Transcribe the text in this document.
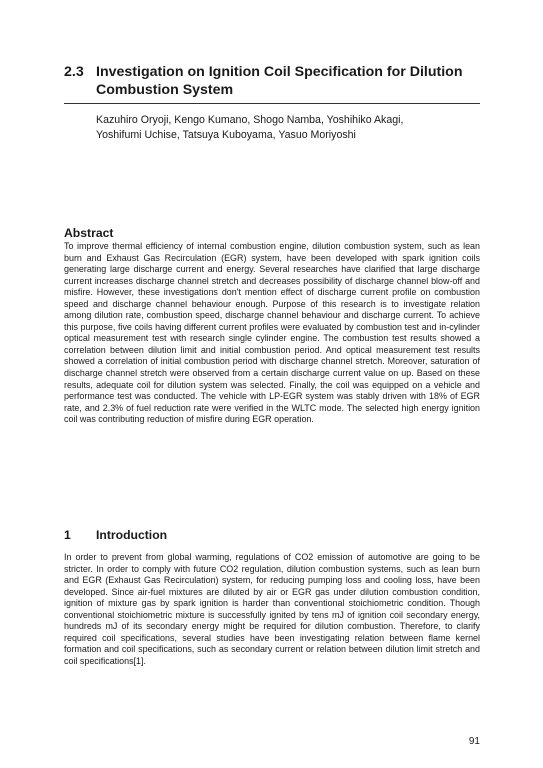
2.3 Investigation on Ignition Coil Specification for Dilution Combustion System
Kazuhiro Oryoji, Kengo Kumano, Shogo Namba, Yoshihiko Akagi,
Yoshifumi Uchise, Tatsuya Kuboyama, Yasuo Moriyoshi
Abstract
To improve thermal efficiency of internal combustion engine, dilution combustion system, such as lean burn and Exhaust Gas Recirculation (EGR) system, have been developed with spark ignition coils generating large discharge current and energy. Several researches have clarified that large discharge current increases discharge channel stretch and decreases possibility of discharge channel blow-off and misfire. However, these investigations don't mention effect of discharge current profile on combustion speed and discharge channel behaviour enough. Purpose of this research is to investigate relation among dilution rate, combustion speed, discharge channel behaviour and discharge current. To achieve this purpose, five coils having different current profiles were evaluated by combustion test and in-cylinder optical measurement test with research single cylinder engine. The combustion test results showed a correlation between dilution limit and initial combustion period. And optical measurement test results showed a correlation of initial combustion period with discharge channel stretch. Moreover, saturation of discharge channel stretch were observed from a certain discharge current value on up. Based on these results, adequate coil for dilution system was selected. Finally, the coil was equipped on a vehicle and performance test was conducted. The vehicle with LP-EGR system was stably driven with 18% of EGR rate, and 2.3% of fuel reduction rate were verified in the WLTC mode. The selected high energy ignition coil was contributing reduction of misfire during EGR operation.
1 Introduction
In order to prevent from global warming, regulations of CO2 emission of automotive are going to be stricter. In order to comply with future CO2 regulation, dilution combustion systems, such as lean burn and EGR (Exhaust Gas Recirculation) system, for reducing pumping loss and cooling loss, have been developed. Since air-fuel mixtures are diluted by air or EGR gas under dilution combustion condition, ignition of mixture gas by spark ignition is harder than conventional stoichiometric condition. Though conventional stoichiometric mixture is successfully ignited by tens mJ of ignition coil secondary energy, hundreds mJ of its secondary energy might be required for dilution combustion. Therefore, to clarify required coil specifications, several studies have been investigating relation between flame kernel formation and coil specifications, such as secondary current or relation between dilution limit stretch and coil specifications[1].
91
